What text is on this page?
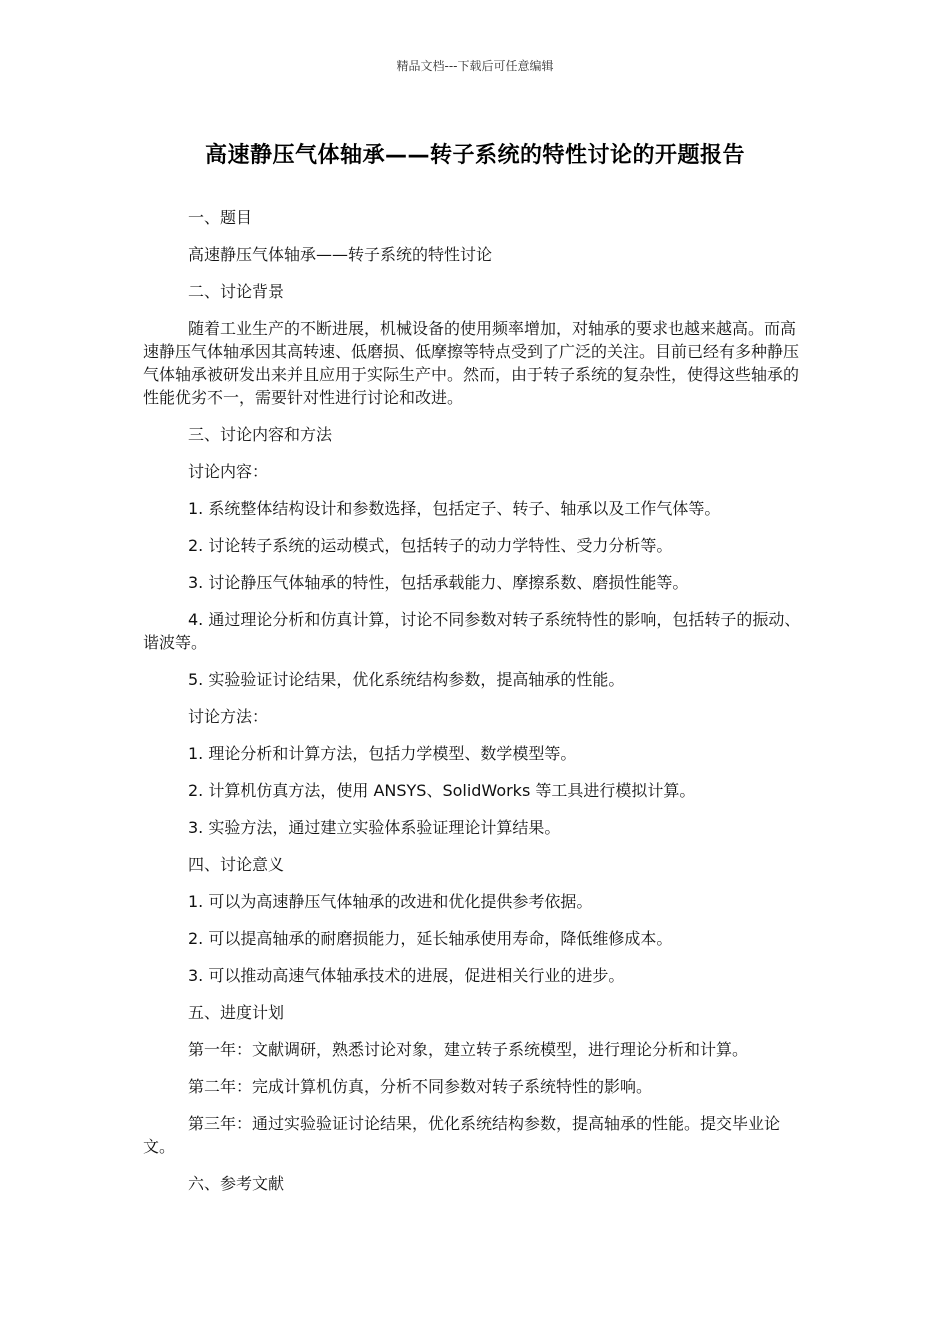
精品文档---下载后可任意编辑
高速静压气体轴承——转子系统的特性讨论的开题报告

一、题目

高速静压气体轴承——转子系统的特性讨论

二、讨论背景

随着工业生产的不断进展，机械设备的使用频率增加，对轴承的要求也越来越高。而高速静压气体轴承因其高转速、低磨损、低摩擦等特点受到了广泛的关注。目前已经有多种静压气体轴承被研发出来并且应用于实际生产中。然而，由于转子系统的复杂性，使得这些轴承的性能优劣不一，需要针对性进行讨论和改进。

三、讨论内容和方法

讨论内容：

1. 系统整体结构设计和参数选择，包括定子、转子、轴承以及工作气体等。

2. 讨论转子系统的运动模式，包括转子的动力学特性、受力分析等。

3. 讨论静压气体轴承的特性，包括承载能力、摩擦系数、磨损性能等。

4. 通过理论分析和仿真计算，讨论不同参数对转子系统特性的影响，包括转子的振动、谐波等。

5. 实验验证讨论结果，优化系统结构参数，提高轴承的性能。

讨论方法：

1. 理论分析和计算方法，包括力学模型、数学模型等。

2. 计算机仿真方法，使用 ANSYS、SolidWorks 等工具进行模拟计算。

3. 实验方法，通过建立实验体系验证理论计算结果。

四、讨论意义

1. 可以为高速静压气体轴承的改进和优化提供参考依据。

2. 可以提高轴承的耐磨损能力，延长轴承使用寿命，降低维修成本。

3. 可以推动高速气体轴承技术的进展，促进相关行业的进步。

五、进度计划

第一年：文献调研，熟悉讨论对象，建立转子系统模型，进行理论分析和计算。

第二年：完成计算机仿真，分析不同参数对转子系统特性的影响。

第三年：通过实验验证讨论结果，优化系统结构参数，提高轴承的性能。提交毕业论文。

六、参考文献
